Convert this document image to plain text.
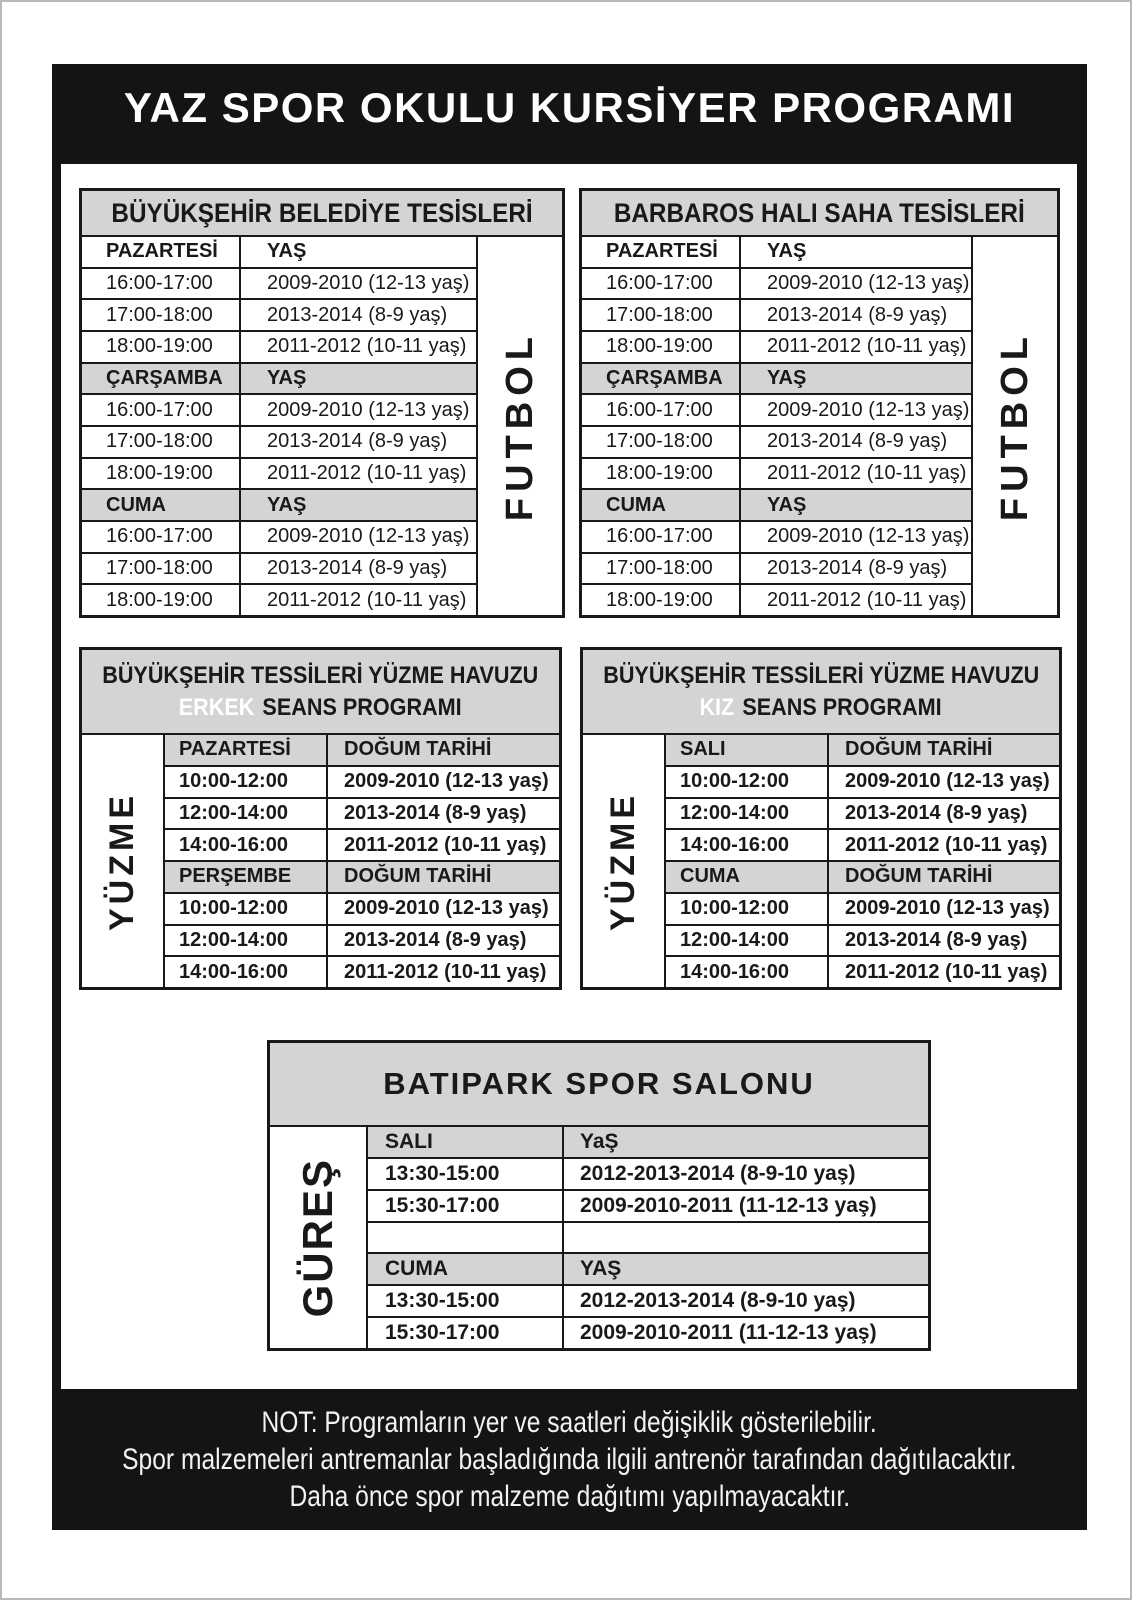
YAZ SPOR OKULU KURSİYER PROGRAMI
BÜYÜKŞEHİR BELEDİYE TESİSLERİ
PAZARTESİ	YAŞ
16:00-17:00	2009-2010 (12-13 yaş)
17:00-18:00	2013-2014 (8-9 yaş)
18:00-19:00	2011-2012 (10-11 yaş)
ÇARŞAMBA	YAŞ
16:00-17:00	2009-2010 (12-13 yaş)
17:00-18:00	2013-2014 (8-9 yaş)
18:00-19:00	2011-2012 (10-11 yaş)
CUMA	YAŞ
16:00-17:00	2009-2010 (12-13 yaş)
17:00-18:00	2013-2014 (8-9 yaş)
18:00-19:00	2011-2012 (10-11 yaş)
FUTBOL
BARBAROS HALI SAHA TESİSLERİ
PAZARTESİ	YAŞ
16:00-17:00	2009-2010 (12-13 yaş)
17:00-18:00	2013-2014 (8-9 yaş)
18:00-19:00	2011-2012 (10-11 yaş)
ÇARŞAMBA	YAŞ
16:00-17:00	2009-2010 (12-13 yaş)
17:00-18:00	2013-2014 (8-9 yaş)
18:00-19:00	2011-2012 (10-11 yaş)
CUMA	YAŞ
16:00-17:00	2009-2010 (12-13 yaş)
17:00-18:00	2013-2014 (8-9 yaş)
18:00-19:00	2011-2012 (10-11 yaş)
FUTBOL
BÜYÜKŞEHİR TESSİLERİ YÜZME HAVUZU
ERKEK SEANS PROGRAMI
YÜZME
PAZARTESİ	DOĞUM TARİHİ
10:00-12:00	2009-2010 (12-13 yaş)
12:00-14:00	2013-2014 (8-9 yaş)
14:00-16:00	2011-2012 (10-11 yaş)
PERŞEMBE	DOĞUM TARİHİ
10:00-12:00	2009-2010 (12-13 yaş)
12:00-14:00	2013-2014 (8-9 yaş)
14:00-16:00	2011-2012 (10-11 yaş)
BÜYÜKŞEHİR TESSİLERİ YÜZME HAVUZU
KIZ SEANS PROGRAMI
YÜZME
SALI	DOĞUM TARİHİ
10:00-12:00	2009-2010 (12-13 yaş)
12:00-14:00	2013-2014 (8-9 yaş)
14:00-16:00	2011-2012 (10-11 yaş)
CUMA	DOĞUM TARİHİ
10:00-12:00	2009-2010 (12-13 yaş)
12:00-14:00	2013-2014 (8-9 yaş)
14:00-16:00	2011-2012 (10-11 yaş)
BATIPARK SPOR SALONU
GÜREŞ
SALI	YaŞ
13:30-15:00	2012-2013-2014 (8-9-10 yaş)
15:30-17:00	2009-2010-2011 (11-12-13 yaş)
CUMA	YAŞ
13:30-15:00	2012-2013-2014 (8-9-10 yaş)
15:30-17:00	2009-2010-2011 (11-12-13 yaş)
NOT: Programların yer ve saatleri değişiklik gösterilebilir.
Spor malzemeleri antremanlar başladığında ilgili antrenör tarafından dağıtılacaktır.
Daha önce spor malzeme dağıtımı yapılmayacaktır.
